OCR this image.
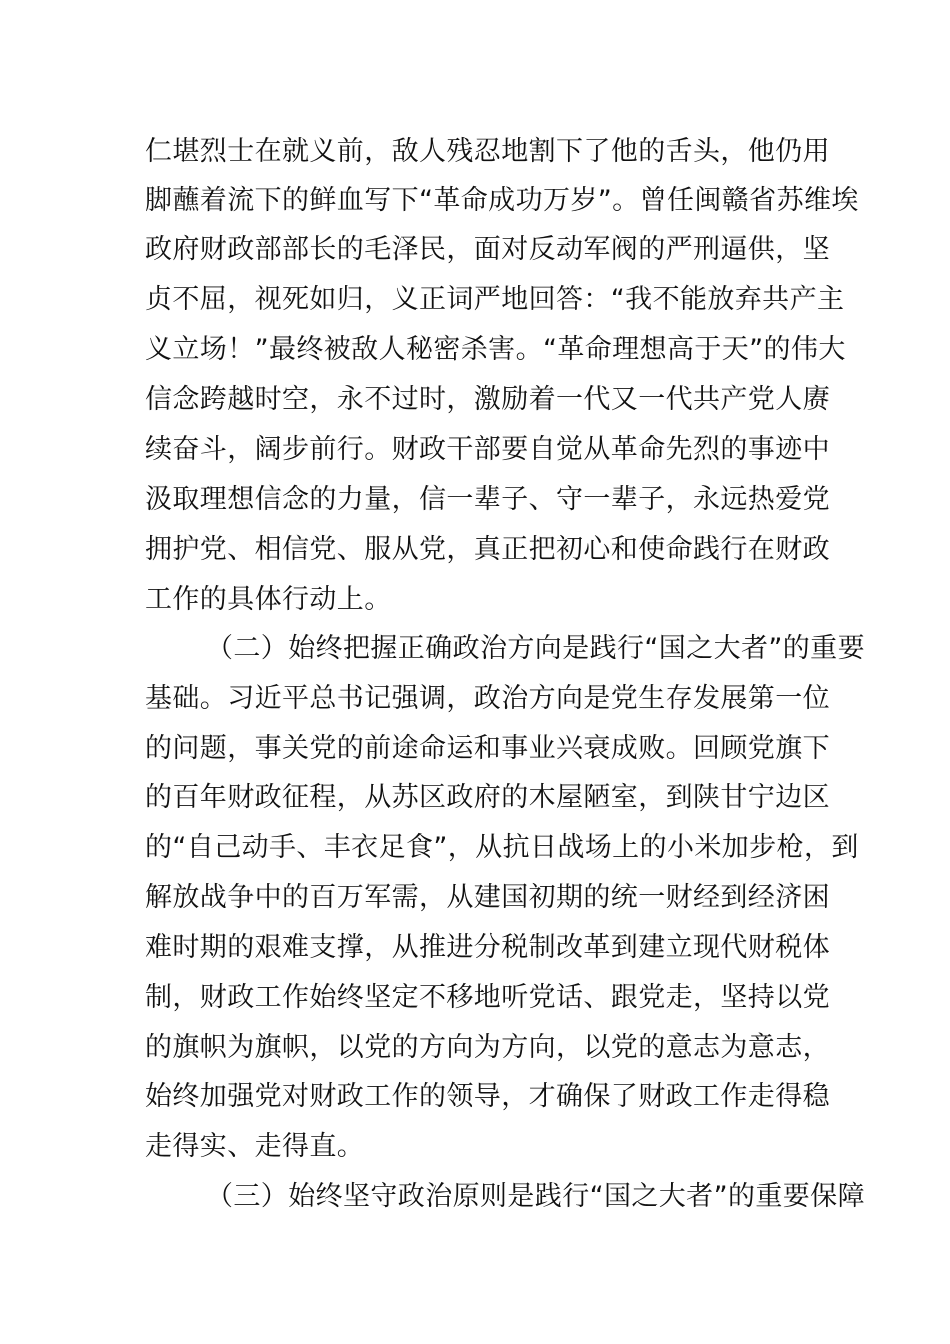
仁堪烈士在就义前，敌人残忍地割下了他的舌头，他仍用

脚蘸着流下的鲜血写下“革命成功万岁”。曾任闽赣省苏维埃

政府财政部部长的毛泽民，面对反动军阀的严刑逼供，坚

贞不屈，视死如归，义正词严地回答：“我不能放弃共产主

义立场！”最终被敌人秘密杀害。“革命理想高于天”的伟大

信念跨越时空，永不过时，激励着一代又一代共产党人赓

续奋斗，阔步前行。财政干部要自觉从革命先烈的事迹中

汲取理想信念的力量，信一辈子、守一辈子，永远热爱党

拥护党、相信党、服从党，真正把初心和使命践行在财政

工作的具体行动上。

（二）始终把握正确政治方向是践行“国之大者”的重要

基础。习近平总书记强调，政治方向是党生存发展第一位

的问题，事关党的前途命运和事业兴衰成败。回顾党旗下

的百年财政征程，从苏区政府的木屋陋室，到陕甘宁边区

的“自己动手、丰衣足食”，从抗日战场上的小米加步枪，到

解放战争中的百万军需，从建国初期的统一财经到经济困

难时期的艰难支撑，从推进分税制改革到建立现代财税体

制，财政工作始终坚定不移地听党话、跟党走，坚持以党

的旗帜为旗帜，以党的方向为方向，以党的意志为意志，

始终加强党对财政工作的领导，才确保了财政工作走得稳

走得实、走得直。

（三）始终坚守政治原则是践行“国之大者”的重要保障
